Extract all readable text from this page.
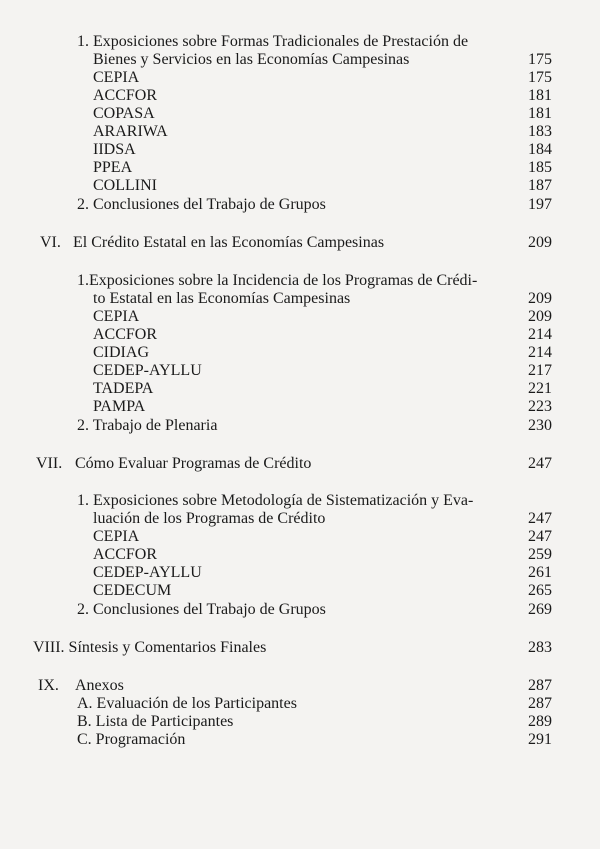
1. Exposiciones sobre Formas Tradicionales de Prestación de
Bienes y Servicios en las Economías Campesinas	175
CEPIA	175
ACCFOR	181
COPASA	181
ARARIWA	183
IIDSA	184
PPEA	185
COLLINI	187
2. Conclusiones del Trabajo de Grupos	197
VI. El Crédito Estatal en las Economías Campesinas	209
1.Exposiciones sobre la Incidencia de los Programas de Crédi-
to Estatal en las Economías Campesinas	209
CEPIA	209
ACCFOR	214
CIDIAG	214
CEDEP-AYLLU	217
TADEPA	221
PAMPA	223
2. Trabajo de Plenaria	230
VII. Cómo Evaluar Programas de Crédito	247
1. Exposiciones sobre Metodología de Sistematización y Eva-
luación de los Programas de Crédito	247
CEPIA	247
ACCFOR	259
CEDEP-AYLLU	261
CEDECUM	265
2. Conclusiones del Trabajo de Grupos	269
VIII. Síntesis y Comentarios Finales	283
IX. Anexos	287
A. Evaluación de los Participantes	287
B. Lista de Participantes	289
C. Programación	291
